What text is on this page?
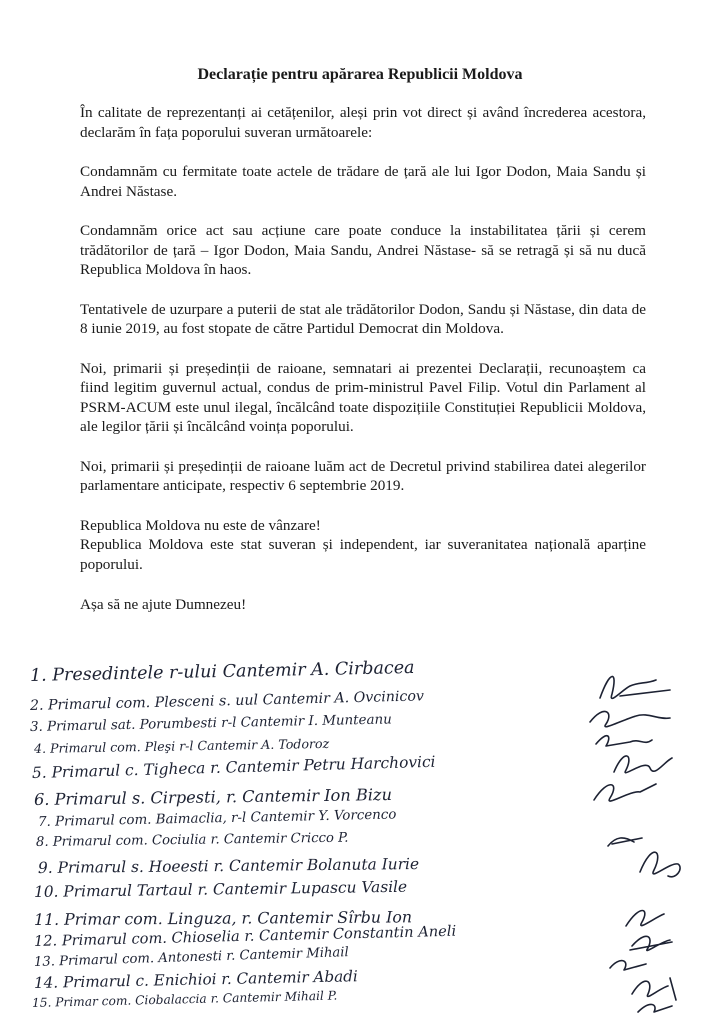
Declarație pentru apărarea Republicii Moldova

În calitate de reprezentanți ai cetățenilor, aleși prin vot direct și având încrederea acestora, declarăm în fața poporului suveran următoarele:

Condamnăm cu fermitate toate actele de trădare de țară ale lui Igor Dodon, Maia Sandu și Andrei Năstase.

Condamnăm orice act sau acțiune care poate conduce la instabilitatea țării și cerem trădătorilor de țară – Igor Dodon, Maia Sandu, Andrei Năstase- să se retragă și să nu ducă Republica Moldova în haos.

Tentativele de uzurpare a puterii de stat ale trădătorilor Dodon, Sandu și Năstase, din data de 8 iunie 2019, au fost stopate de către Partidul Democrat din Moldova.

Noi, primarii și președinții de raioane, semnatari ai prezentei Declarații, recunoaștem ca fiind legitim guvernul actual, condus de prim-ministrul Pavel Filip. Votul din Parlament al PSRM-ACUM este unul ilegal, încălcând toate dispozițiile Constituției Republicii Moldova, ale legilor țării și încălcând voința poporului.

Noi, primarii și președinții de raioane luăm act de Decretul privind stabilirea datei alegerilor parlamentare anticipate, respectiv 6 septembrie 2019.

Republica Moldova nu este de vânzare!

Republica Moldova este stat suveran și independent, iar suveranitatea națională aparține poporului.

Așa să ne ajute Dumnezeu!

1. Presedintele r-ului Cantemir A. Cirbacea
2. Primarul com. Plesceni s. uul Cantemir A. Ovcinicov
3. Primarul sat. Porumbesti r-l Cantemir I. Munteanu
4. Primarul com. Pleşi r-l Cantemir A. Todoroz
5. Primarul c. Tigheca r. Cantemir Petru Harchovici
6. Primarul s. Cirpesti, r. Cantemir Ion Bizu
7. Primarul com. Baimaclia, r-l Cantemir Y. Vorcenco
8. Primarul com. Cociulia r. Cantemir Cricco P.
9. Primarul s. Hoeesti r. Cantemir Bolanuta Iurie
10. Primarul Tartaul r. Cantemir Lupascu Vasile
11. Primar com. Linguza, r. Cantemir Sîrbu Ion
12. Primarul com. Chioselia r. Cantemir Constantin Aneli
13. Primarul com. Antonesti r. Cantemir Mihail
14. Primarul c. Enichioi r. Cantemir Abadi
15. Primar com. Ciobalaccia r. Cantemir Mihail P.
